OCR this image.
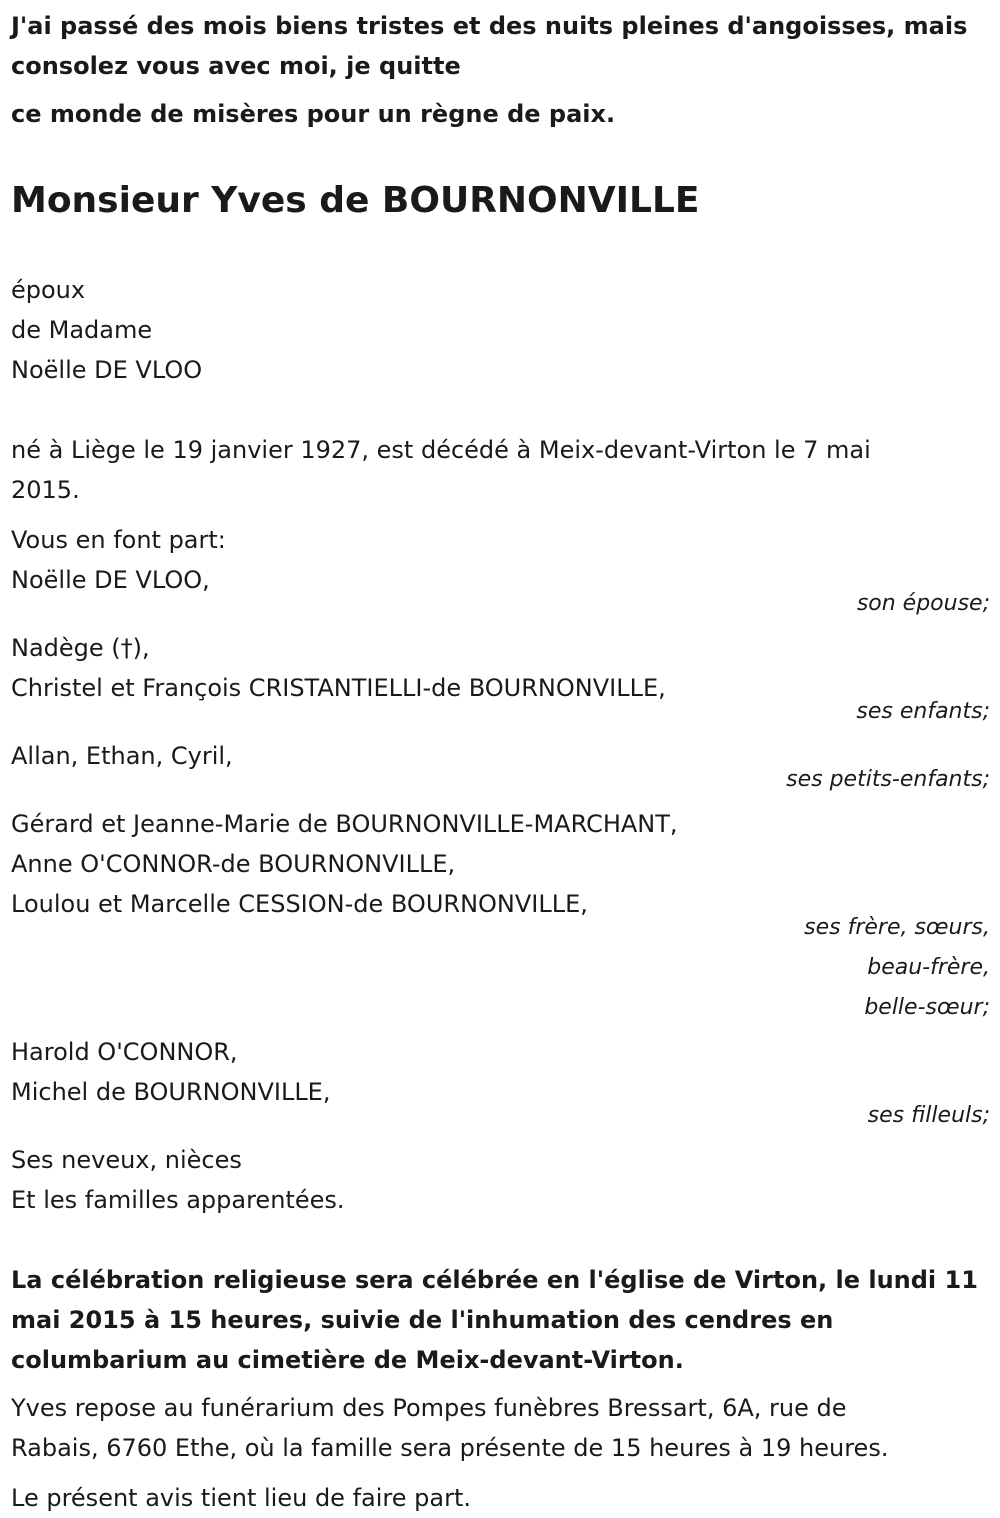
J'ai passé des mois biens tristes et des nuits pleines d'angoisses, mais
consolez vous avec moi, je quitte
ce monde de misères pour un règne de paix.
Monsieur Yves de BOURNONVILLE
époux
de Madame
Noëlle DE VLOO
né à Liège le 19 janvier 1927, est décédé à Meix-devant-Virton le 7 mai
2015.
Vous en font part:
Noëlle DE VLOO,
son épouse;
Nadège (†),
Christel et François CRISTANTIELLI-de BOURNONVILLE,
ses enfants;
Allan, Ethan, Cyril,
ses petits-enfants;
Gérard et Jeanne-Marie de BOURNONVILLE-MARCHANT,
Anne O'CONNOR-de BOURNONVILLE,
Loulou et Marcelle CESSION-de BOURNONVILLE,
ses frère, sœurs,
beau-frère,
belle-sœur;
Harold O'CONNOR,
Michel de BOURNONVILLE,
ses filleuls;
Ses neveux, nièces
Et les familles apparentées.
La célébration religieuse sera célébrée en l'église de Virton, le lundi 11
mai 2015 à 15 heures, suivie de l'inhumation des cendres en
columbarium au cimetière de Meix-devant-Virton.
Yves repose au funérarium des Pompes funèbres Bressart, 6A, rue de
Rabais, 6760 Ethe, où la famille sera présente de 15 heures à 19 heures.
Le présent avis tient lieu de faire part.
